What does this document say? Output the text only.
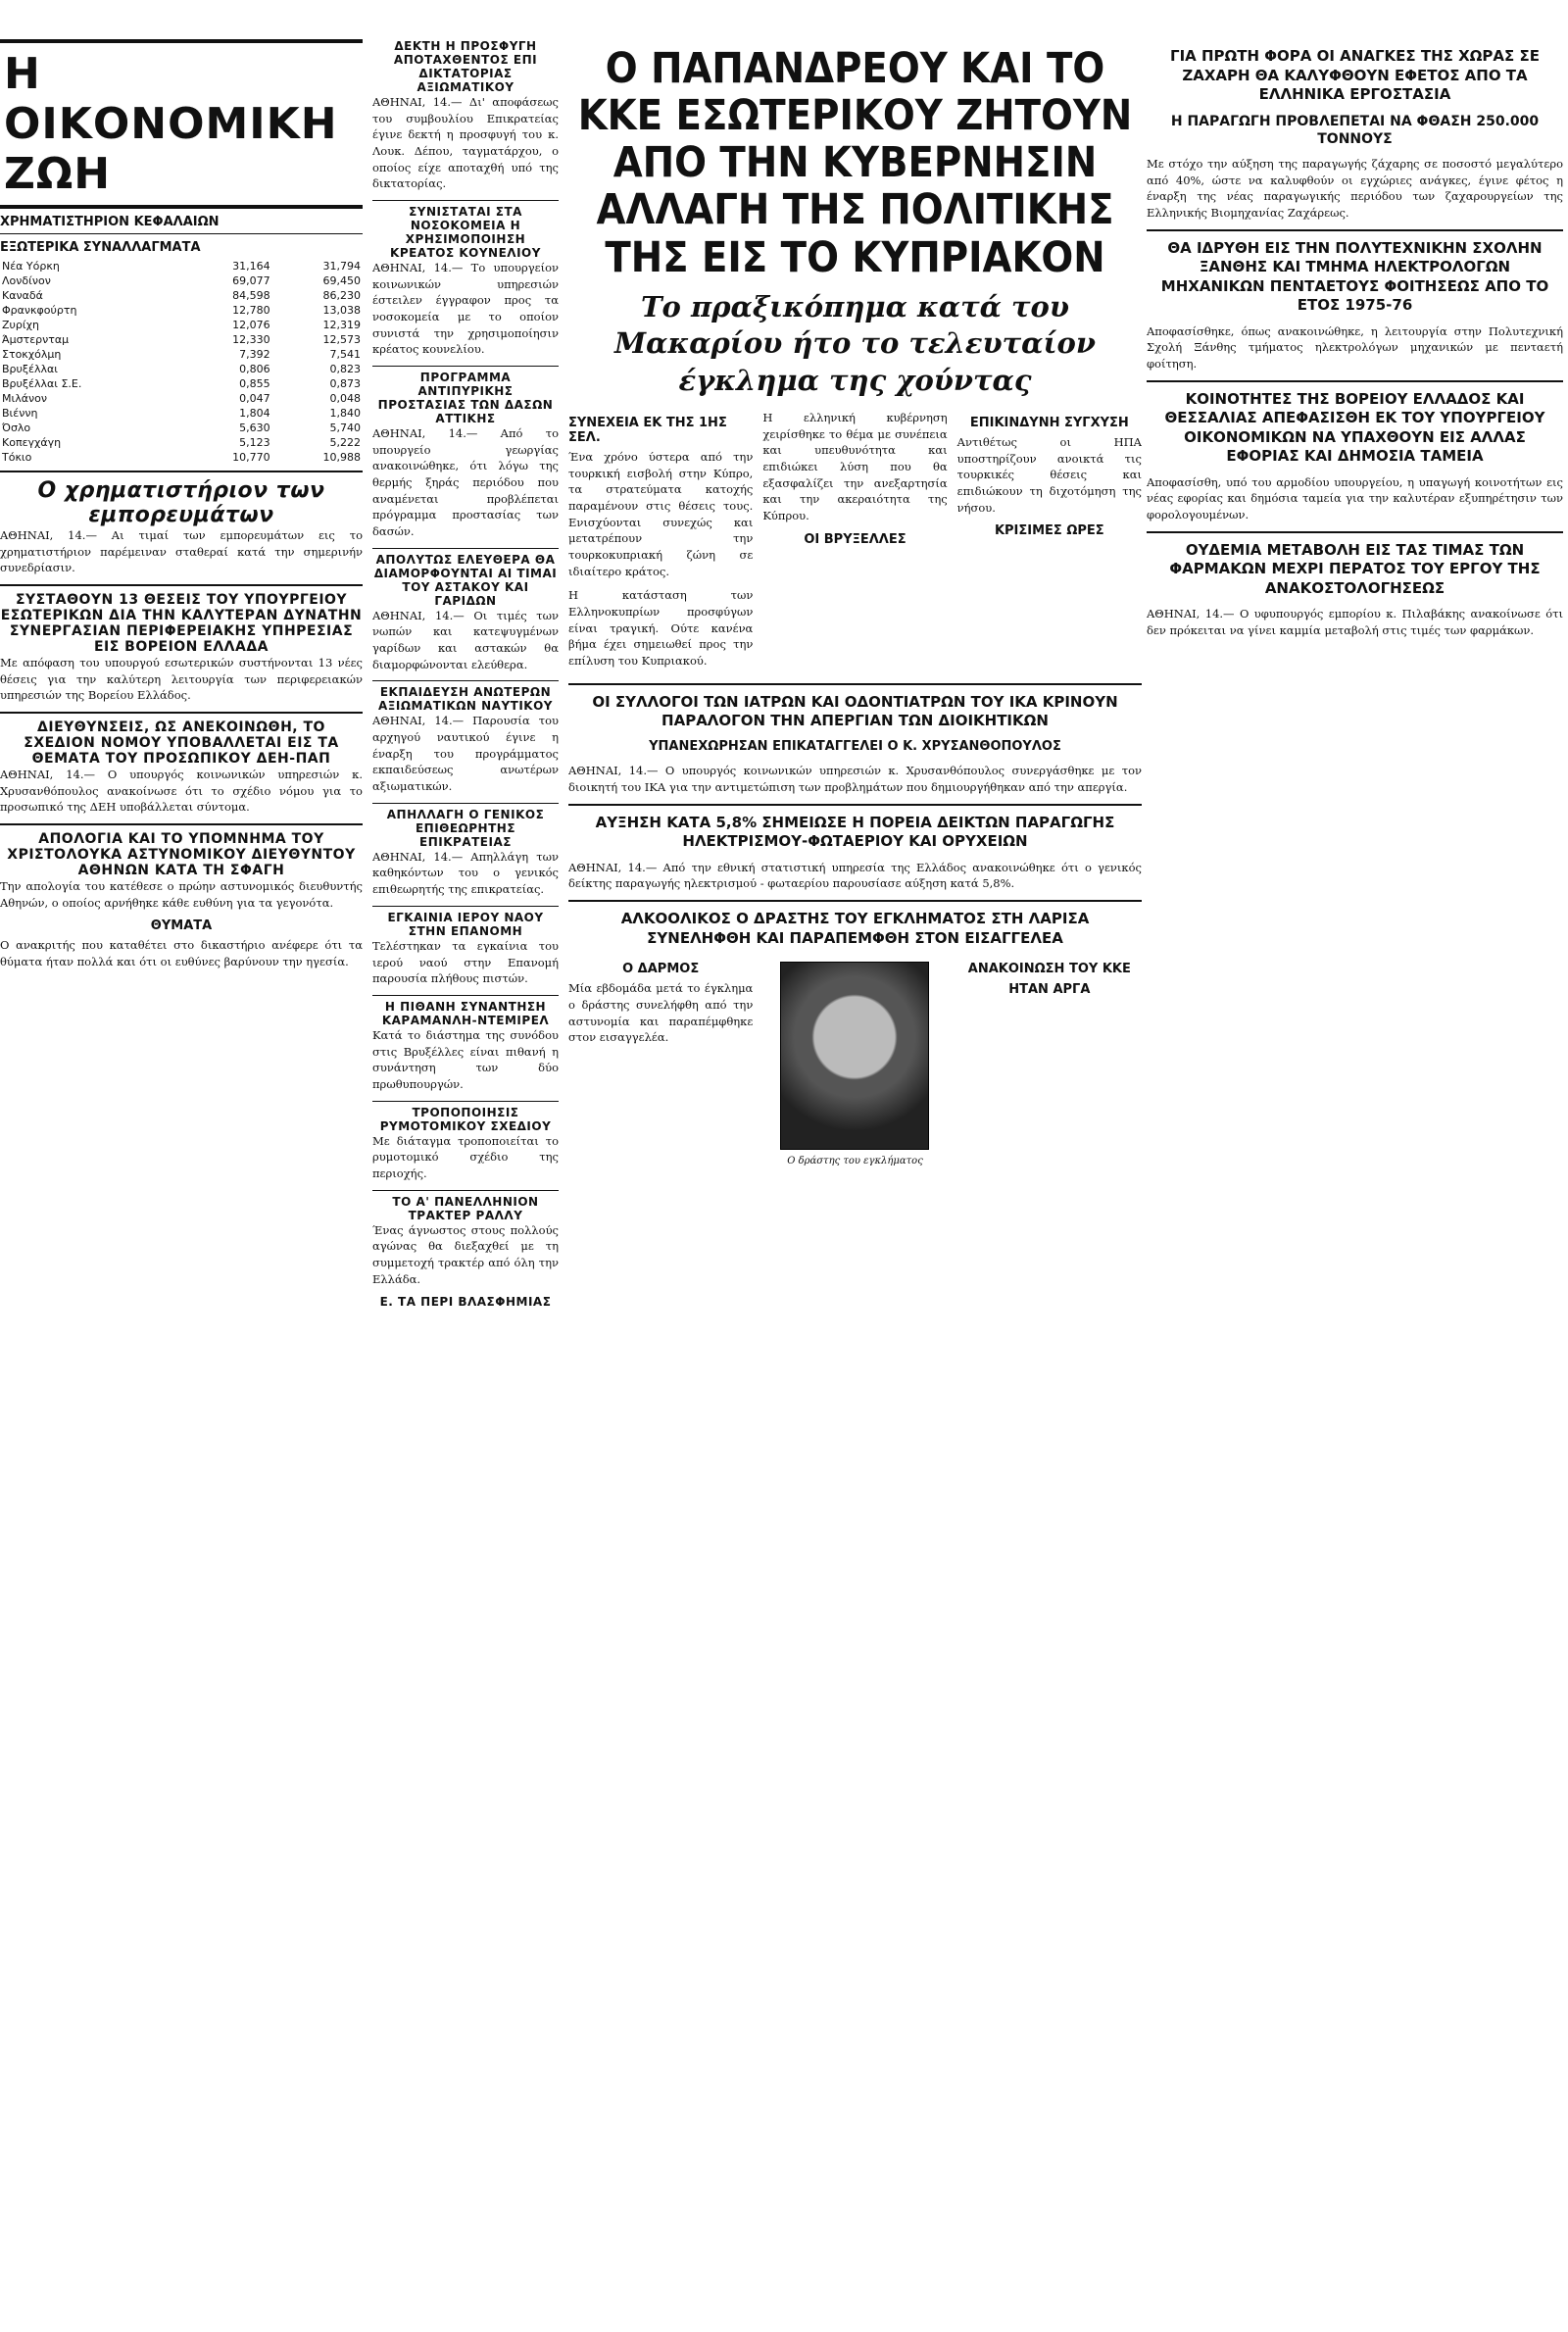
Η ΟΙΚΟΝΟΜΙΚΗ ΖΩΗ
ΧΡΗΜΑΤΙΣΤΗΡΙΟΝ ΚΕΦΑΛΑΙΩΝ
ΕΞΩΤΕΡΙΚΑ ΣΥΝΑΛΛΑΓΜΑΤΑ
Νέα Υόρκη	31,164	31,794
Λονδίνον	69,077	69,450
Καναδά	84,598	86,230
Φρανκφούρτη	12,780	13,038
Ζυρίχη	12,076	12,319
Άμστερνταμ	12,330	12,573
Στοκχόλμη	7,392	7,541
Βρυξέλλαι	0,806	0,823
Βρυξέλλαι Σ.Ε.	0,855	0,873
Μιλάνον	0,047	0,048
Βιέννη	1,804	1,840
Όσλο	5,630	5,740
Κοπεγχάγη	5,123	5,222
Τόκιο	10,770	10,988
Ο χρηματιστήριον των εμπορευμάτων

ΑΘΗΝΑΙ, 14.— Αι τιμαί των εμπορευμάτων εις το χρηματιστήριον παρέμειναν σταθεραί κατά την σημερινήν συνεδρίασιν.

ΣΥΣΤΑΘΟΥΝ 13 ΘΕΣΕΙΣ ΤΟΥ ΥΠΟΥΡΓΕΙΟΥ ΕΣΩΤΕΡΙΚΩΝ ΔΙΑ ΤΗΝ ΚΑΛΥΤΕΡΑΝ ΔΥΝΑΤΗΝ ΣΥΝΕΡΓΑΣΙΑΝ ΠΕΡΙΦΕΡΕΙΑΚΗΣ ΥΠΗΡΕΣΙΑΣ ΕΙΣ ΒΟΡΕΙΟΝ ΕΛΛΑΔΑ

Με απόφαση του υπουργού εσωτερικών συστήνονται 13 νέες θέσεις για την καλύτερη λειτουργία των περιφερειακών υπηρεσιών της Βορείου Ελλάδος.

ΔΙΕΥΘΥΝΣΕΙΣ, ΩΣ ΑΝΕΚΟΙΝΩΘΗ, ΤΟ ΣΧΕΔΙΟΝ ΝΟΜΟΥ ΥΠΟΒΑΛΛΕΤΑΙ ΕΙΣ ΤΑ ΘΕΜΑΤΑ ΤΟΥ ΠΡΟΣΩΠΙΚΟΥ ΔΕΗ-ΠΑΠ

ΑΘΗΝΑΙ, 14.— Ο υπουργός κοινωνικών υπηρεσιών κ. Χρυσανθόπουλος ανακοίνωσε ότι το σχέδιο νόμου για το προσωπικό της ΔΕΗ υποβάλλεται σύντομα.

ΑΠΟΛΟΓΙΑ ΚΑΙ ΤΟ ΥΠΟΜΝΗΜΑ ΤΟΥ ΧΡΙΣΤΟΛΟΥΚΑ ΑΣΤΥΝΟΜΙΚΟΥ ΔΙΕΥΘΥΝΤΟΥ ΑΘΗΝΩΝ ΚΑΤΑ ΤΗ ΣΦΑΓΗ

Την απολογία του κατέθεσε ο πρώην αστυνομικός διευθυντής Αθηνών, ο οποίος αρνήθηκε κάθε ευθύνη για τα γεγονότα.

ΘΥΜΑΤΑ

Ο ανακριτής που καταθέτει στο δικαστήριο ανέφερε ότι τα θύματα ήταν πολλά και ότι οι ευθύνες βαρύνουν την ηγεσία.

ΔΕΚΤΗ Η ΠΡΟΣΦΥΓΗ ΑΠΟΤΑΧΘΕΝΤΟΣ ΕΠΙ ΔΙΚΤΑΤΟΡΙΑΣ ΑΞΙΩΜΑΤΙΚΟΥ

ΑΘΗΝΑΙ, 14.— Δι' αποφάσεως του συμβουλίου Επικρατείας έγινε δεκτή η προσφυγή του κ. Λουκ. Δέπου, ταγματάρχου, ο οποίος είχε αποταχθή υπό της δικτατορίας.

ΣΥΝΙΣΤΑΤΑΙ ΣΤΑ ΝΟΣΟΚΟΜΕΙΑ Η ΧΡΗΣΙΜΟΠΟΙΗΣΗ ΚΡΕΑΤΟΣ ΚΟΥΝΕΛΙΟΥ

ΑΘΗΝΑΙ, 14.— Το υπουργείον κοινωνικών υπηρεσιών έστειλεν έγγραφον προς τα νοσοκομεία με το οποίον συνιστά την χρησιμοποίησιν κρέατος κουνελίου.

ΠΡΟΓΡΑΜΜΑ ΑΝΤΙΠΥΡΙΚΗΣ ΠΡΟΣΤΑΣΙΑΣ ΤΩΝ ΔΑΣΩΝ ΑΤΤΙΚΗΣ

ΑΘΗΝΑΙ, 14.— Από το υπουργείο γεωργίας ανακοινώθηκε, ότι λόγω της θερμής ξηράς περιόδου που αναμένεται προβλέπεται πρόγραμμα προστασίας των δασών.

ΑΠΟΛΥΤΩΣ ΕΛΕΥΘΕΡΑ ΘΑ ΔΙΑΜΟΡΦΟΥΝΤΑΙ ΑΙ ΤΙΜΑΙ ΤΟΥ ΑΣΤΑΚΟΥ ΚΑΙ ΓΑΡΙΔΩΝ

ΑΘΗΝΑΙ, 14.— Οι τιμές των νωπών και κατεψυγμένων γαρίδων και αστακών θα διαμορφώνονται ελεύθερα.

ΕΚΠΑΙΔΕΥΣΗ ΑΝΩΤΕΡΩΝ ΑΞΙΩΜΑΤΙΚΩΝ ΝΑΥΤΙΚΟΥ

ΑΘΗΝΑΙ, 14.— Παρουσία του αρχηγού ναυτικού έγινε η έναρξη του προγράμματος εκπαιδεύσεως ανωτέρων αξιωματικών.

ΑΠΗΛΛΑΓΗ Ο ΓΕΝΙΚΟΣ ΕΠΙΘΕΩΡΗΤΗΣ ΕΠΙΚΡΑΤΕΙΑΣ

ΑΘΗΝΑΙ, 14.— Απηλλάγη των καθηκόντων του ο γενικός επιθεωρητής της επικρατείας.

ΕΓΚΑΙΝΙΑ ΙΕΡΟΥ ΝΑΟΥ ΣΤΗΝ ΕΠΑΝΟΜΗ

Τελέστηκαν τα εγκαίνια του ιερού ναού στην Επανομή παρουσία πλήθους πιστών.

Η ΠΙΘΑΝΗ ΣΥΝΑΝΤΗΣΗ ΚΑΡΑΜΑΝΛΗ-ΝΤΕΜΙΡΕΛ

Κατά το διάστημα της συνόδου στις Βρυξέλλες είναι πιθανή η συνάντηση των δύο πρωθυπουργών.

ΤΡΟΠΟΠΟΙΗΣΙΣ ΡΥΜΟΤΟΜΙΚΟΥ ΣΧΕΔΙΟΥ

Με διάταγμα τροποποιείται το ρυμοτομικό σχέδιο της περιοχής.

ΤΟ Α' ΠΑΝΕΛΛΗΝΙΟΝ ΤΡΑΚΤΕΡ ΡΑΛΛΥ

Ένας άγνωστος στους πολλούς αγώνας θα διεξαχθεί με τη συμμετοχή τρακτέρ από όλη την Ελλάδα.

Ε. ΤΑ ΠΕΡΙ ΒΛΑΣΦΗΜΙΑΣ
Ο ΠΑΠΑΝΔΡΕΟΥ ΚΑΙ ΤΟ ΚΚΕ ΕΣΩΤΕΡΙΚΟΥ ΖΗΤΟΥΝ ΑΠΟ ΤΗΝ ΚΥΒΕΡΝΗΣΙΝ ΑΛΛΑΓΗ ΤΗΣ ΠΟΛΙΤΙΚΗΣ ΤΗΣ ΕΙΣ ΤΟ ΚΥΠΡΙΑΚΟΝ
Το πραξικόπημα κατά του Μακαρίου ήτο το τελευταίον έγκλημα της χούντας
ΣΥΝΕΧΕΙΑ ΕΚ ΤΗΣ 1ΗΣ ΣΕΛ.

Ένα χρόνο ύστερα από την τουρκική εισβολή στην Κύπρο, τα στρατεύματα κατοχής παραμένουν στις θέσεις τους. Ενισχύονται συνεχώς και μετατρέπουν την τουρκοκυπριακή ζώνη σε ιδιαίτερο κράτος.

Η κατάσταση των Ελληνοκυπρίων προσφύγων είναι τραγική. Ούτε κανένα βήμα έχει σημειωθεί προς την επίλυση του Κυπριακού.

Η ελληνική κυβέρνηση χειρίσθηκε το θέμα με συνέπεια και υπευθυνότητα και επιδιώκει λύση που θα εξασφαλίζει την ανεξαρτησία και την ακεραιότητα της Κύπρου.

ΟΙ ΒΡΥΞΕΛΛΕΣ
ΕΠΙΚΙΝΔΥΝΗ ΣΥΓΧΥΣΗ

Αντιθέτως οι ΗΠΑ υποστηρίζουν ανοικτά τις τουρκικές θέσεις και επιδιώκουν τη διχοτόμηση της νήσου.

ΚΡΙΣΙΜΕΣ ΩΡΕΣ
ΟΙ ΣΥΛΛΟΓΟΙ ΤΩΝ ΙΑΤΡΩΝ ΚΑΙ ΟΔΟΝΤΙΑΤΡΩΝ ΤΟΥ ΙΚΑ ΚΡΙΝΟΥΝ ΠΑΡΑΛΟΓΟΝ ΤΗΝ ΑΠΕΡΓΙΑΝ ΤΩΝ ΔΙΟΙΚΗΤΙΚΩΝ
ΥΠΑΝΕΧΩΡΗΣΑΝ ΕΠΙΚΑΤΑΓΓΕΛΕΙ Ο Κ. ΧΡΥΣΑΝΘΟΠΟΥΛΟΣ

ΑΘΗΝΑΙ, 14.— Ο υπουργός κοινωνικών υπηρεσιών κ. Χρυσανθόπουλος συνεργάσθηκε με τον διοικητή του ΙΚΑ για την αντιμετώπιση των προβλημάτων που δημιουργήθηκαν από την απεργία.

ΑΥΞΗΣΗ ΚΑΤΑ 5,8% ΣΗΜΕΙΩΣΕ Η ΠΟΡΕΙΑ ΔΕΙΚΤΩΝ ΠΑΡΑΓΩΓΗΣ ΗΛΕΚΤΡΙΣΜΟΥ-ΦΩΤΑΕΡΙΟΥ ΚΑΙ ΟΡΥΧΕΙΩΝ

ΑΘΗΝΑΙ, 14.— Από την εθνική στατιστική υπηρεσία της Ελλάδος ανακοινώθηκε ότι ο γενικός δείκτης παραγωγής ηλεκτρισμού - φωταερίου παρουσίασε αύξηση κατά 5,8%.

ΑΛΚΟΟΛΙΚΟΣ Ο ΔΡΑΣΤΗΣ ΤΟΥ ΕΓΚΛΗΜΑΤΟΣ ΣΤΗ ΛΑΡΙΣΑ ΣΥΝΕΛΗΦΘΗ ΚΑΙ ΠΑΡΑΠΕΜΦΘΗ ΣΤΟΝ ΕΙΣΑΓΓΕΛΕΑ
Ο ΔΑΡΜΟΣ

Μία εβδομάδα μετά το έγκλημα ο δράστης συνελήφθη από την αστυνομία και παραπέμφθηκε στον εισαγγελέα.

Ο δράστης του εγκλήματος
ΑΝΑΚΟΙΝΩΣΗ ΤΟΥ ΚΚΕ
ΗΤΑΝ ΑΡΓΑ
ΓΙΑ ΠΡΩΤΗ ΦΟΡΑ ΟΙ ΑΝΑΓΚΕΣ ΤΗΣ ΧΩΡΑΣ ΣΕ ΖΑΧΑΡΗ ΘΑ ΚΑΛΥΦΘΟΥΝ ΕΦΕΤΟΣ ΑΠΟ ΤΑ ΕΛΛΗΝΙΚΑ ΕΡΓΟΣΤΑΣΙΑ
Η ΠΑΡΑΓΩΓΗ ΠΡΟΒΛΕΠΕΤΑΙ ΝΑ ΦΘΑΣΗ 250.000 ΤΟΝΝΟΥΣ

Με στόχο την αύξηση της παραγωγής ζάχαρης σε ποσοστό μεγαλύτερο από 40%, ώστε να καλυφθούν οι εγχώριες ανάγκες, έγινε φέτος η έναρξη της νέας παραγωγικής περιόδου των ζαχαρουργείων της Ελληνικής Βιομηχανίας Ζαχάρεως.

ΘΑ ΙΔΡΥΘΗ ΕΙΣ ΤΗΝ ΠΟΛΥΤΕΧΝΙΚΗΝ ΣΧΟΛΗΝ ΞΑΝΘΗΣ ΚΑΙ ΤΜΗΜΑ ΗΛΕΚΤΡΟΛΟΓΩΝ ΜΗΧΑΝΙΚΩΝ ΠΕΝΤΑΕΤΟΥΣ ΦΟΙΤΗΣΕΩΣ ΑΠΟ ΤΟ ΕΤΟΣ 1975-76

Αποφασίσθηκε, όπως ανακοινώθηκε, η λειτουργία στην Πολυτεχνική Σχολή Ξάνθης τμήματος ηλεκτρολόγων μηχανικών με πενταετή φοίτηση.

ΚΟΙΝΟΤΗΤΕΣ ΤΗΣ ΒΟΡΕΙΟΥ ΕΛΛΑΔΟΣ ΚΑΙ ΘΕΣΣΑΛΙΑΣ ΑΠΕΦΑΣΙΣΘΗ ΕΚ ΤΟΥ ΥΠΟΥΡΓΕΙΟΥ ΟΙΚΟΝΟΜΙΚΩΝ ΝΑ ΥΠΑΧΘΟΥΝ ΕΙΣ ΑΛΛΑΣ ΕΦΟΡΙΑΣ ΚΑΙ ΔΗΜΟΣΙΑ ΤΑΜΕΙΑ

Αποφασίσθη, υπό του αρμοδίου υπουργείου, η υπαγωγή κοινοτήτων εις νέας εφορίας και δημόσια ταμεία για την καλυτέραν εξυπηρέτησιν των φορολογουμένων.

ΟΥΔΕΜΙΑ ΜΕΤΑΒΟΛΗ ΕΙΣ ΤΑΣ ΤΙΜΑΣ ΤΩΝ ΦΑΡΜΑΚΩΝ ΜΕΧΡΙ ΠΕΡΑΤΟΣ ΤΟΥ ΕΡΓΟΥ ΤΗΣ ΑΝΑΚΟΣΤΟΛΟΓΗΣΕΩΣ

ΑΘΗΝΑΙ, 14.— Ο υφυπουργός εμπορίου κ. Πιλαβάκης ανακοίνωσε ότι δεν πρόκειται να γίνει καμμία μεταβολή στις τιμές των φαρμάκων.
